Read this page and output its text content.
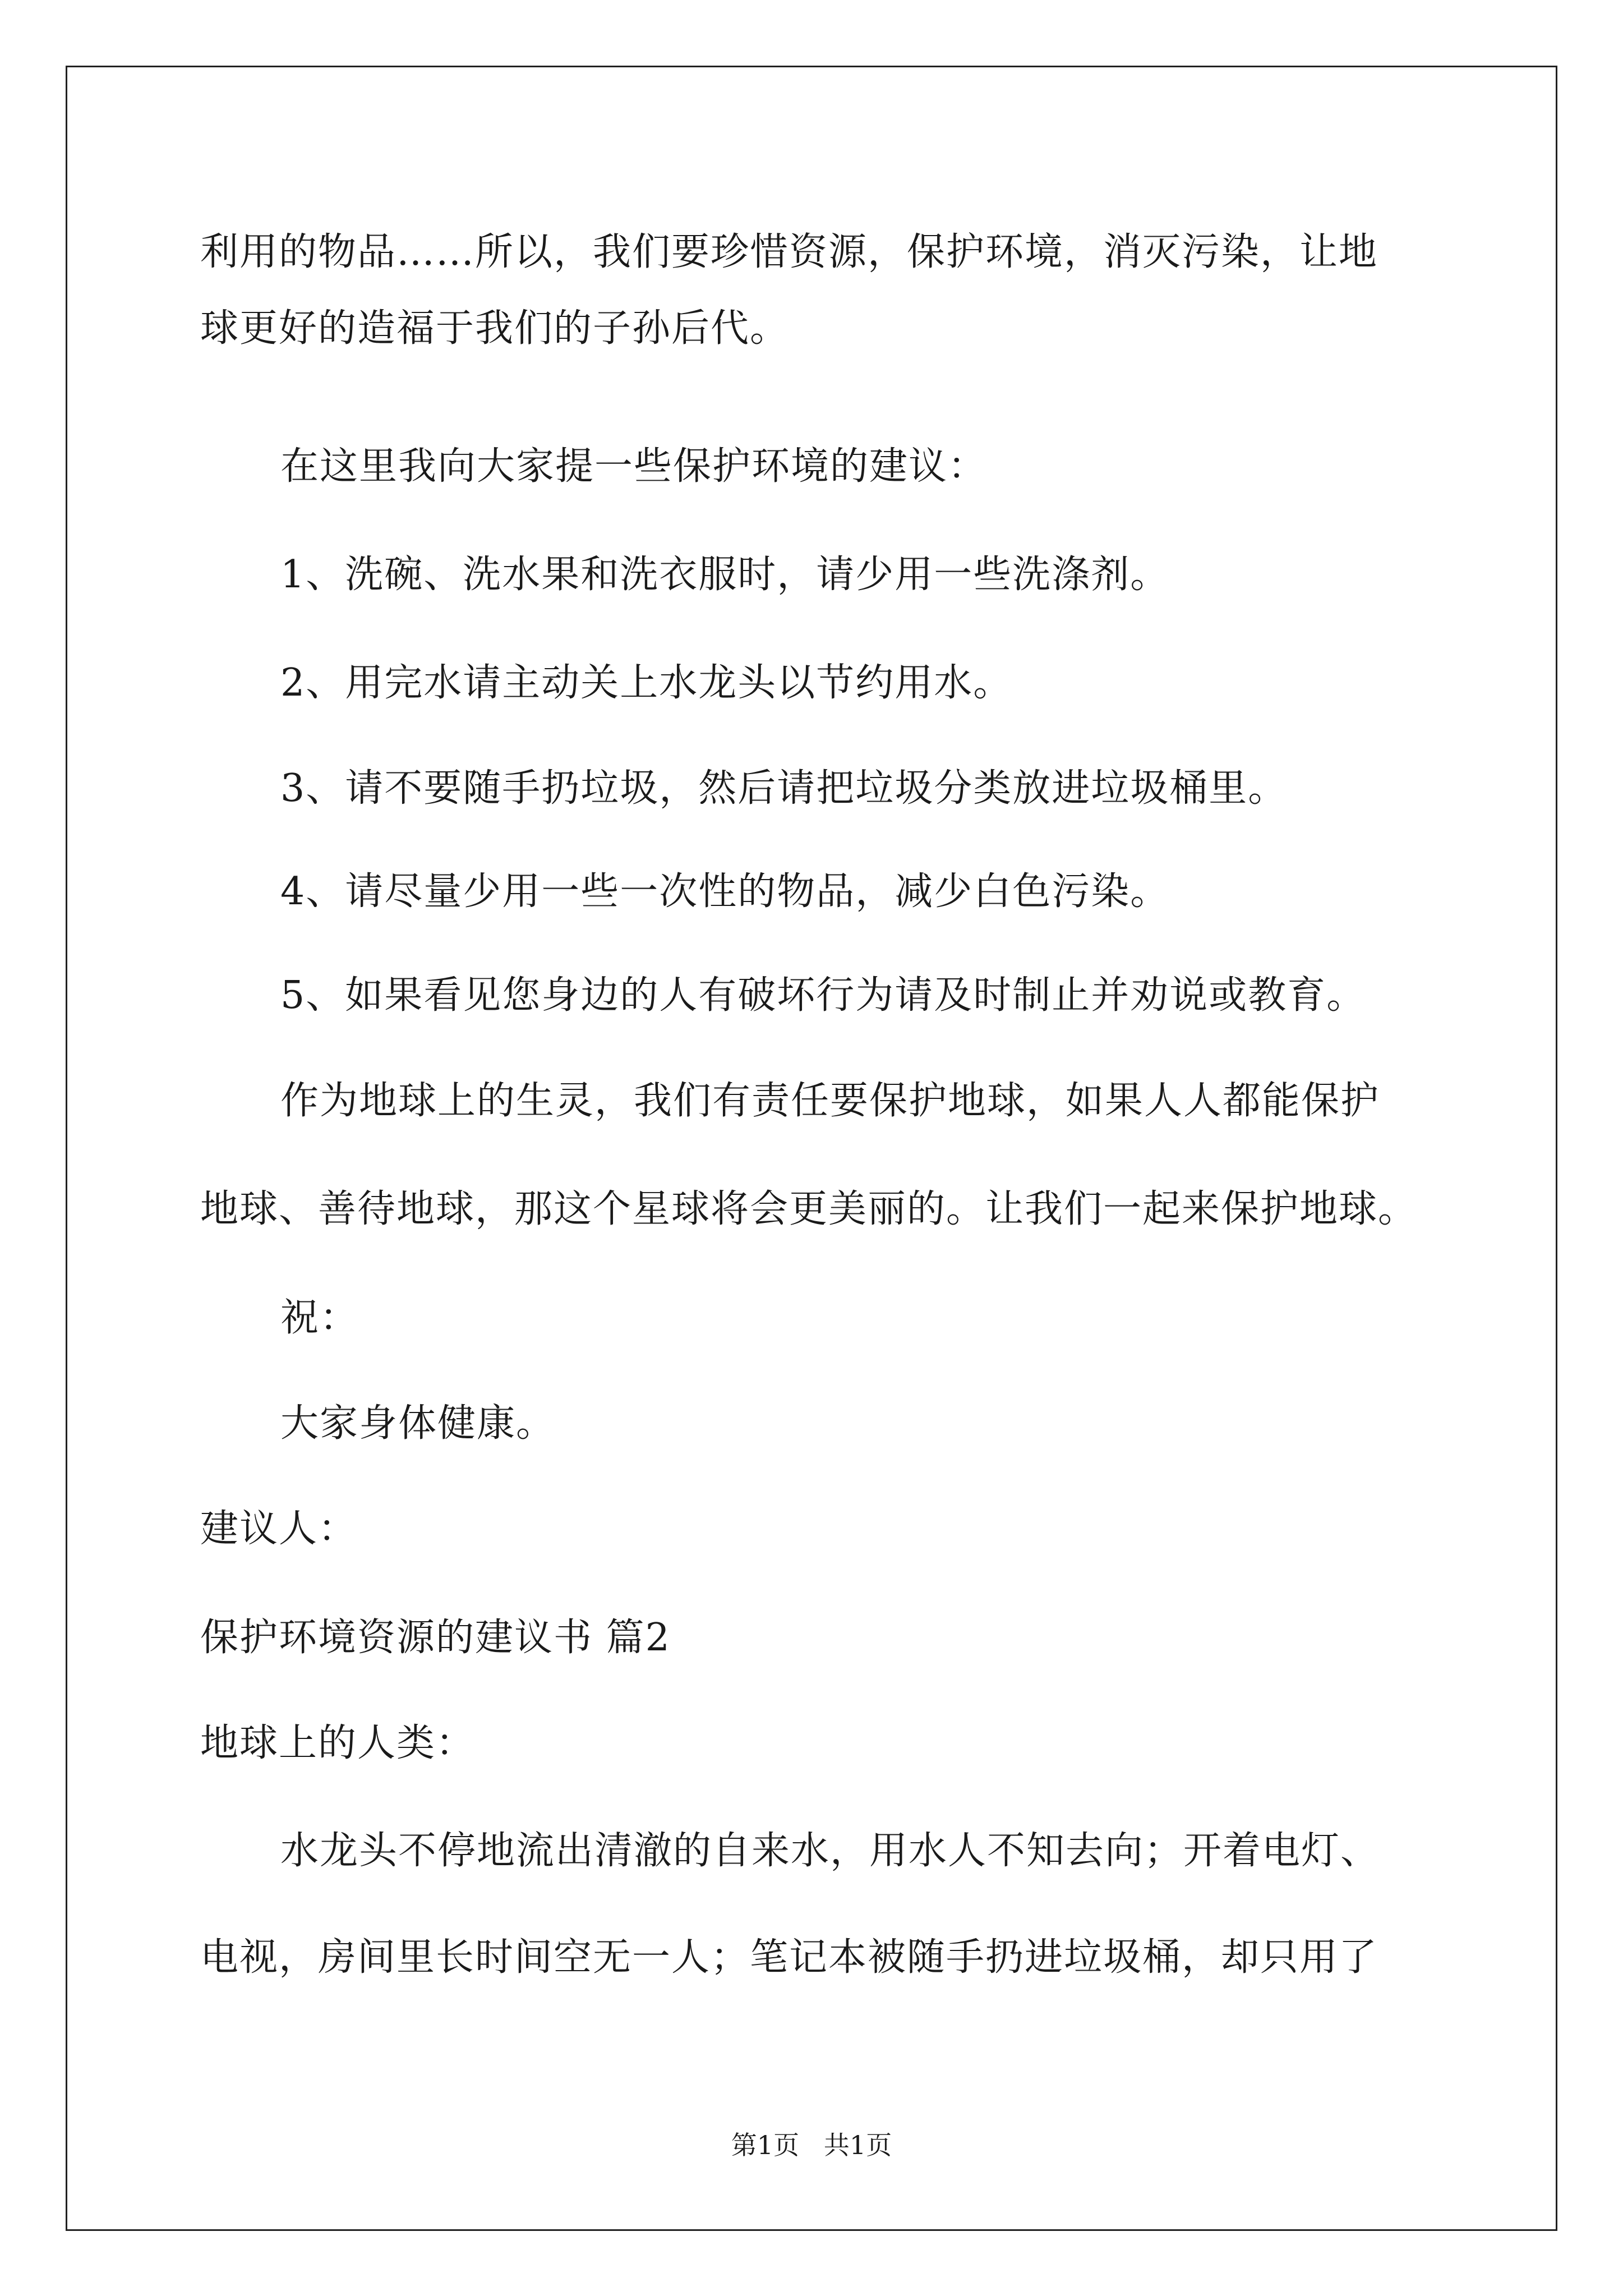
利用的物品……所以，我们要珍惜资源，保护环境，消灭污染，让地
球更好的造福于我们的子孙后代。
在这里我向大家提一些保护环境的建议：
1、洗碗、洗水果和洗衣服时，请少用一些洗涤剂。
2、用完水请主动关上水龙头以节约用水。
3、请不要随手扔垃圾，然后请把垃圾分类放进垃圾桶里。
4、请尽量少用一些一次性的物品，减少白色污染。
5、如果看见您身边的人有破坏行为请及时制止并劝说或教育。
作为地球上的生灵，我们有责任要保护地球，如果人人都能保护
地球、善待地球，那这个星球将会更美丽的。让我们一起来保护地球。
祝：
大家身体健康。
建议人：
保护环境资源的建议书 篇2
地球上的人类：
水龙头不停地流出清澈的自来水，用水人不知去向；开着电灯、
电视，房间里长时间空无一人；笔记本被随手扔进垃圾桶，却只用了
第1页   共1页
